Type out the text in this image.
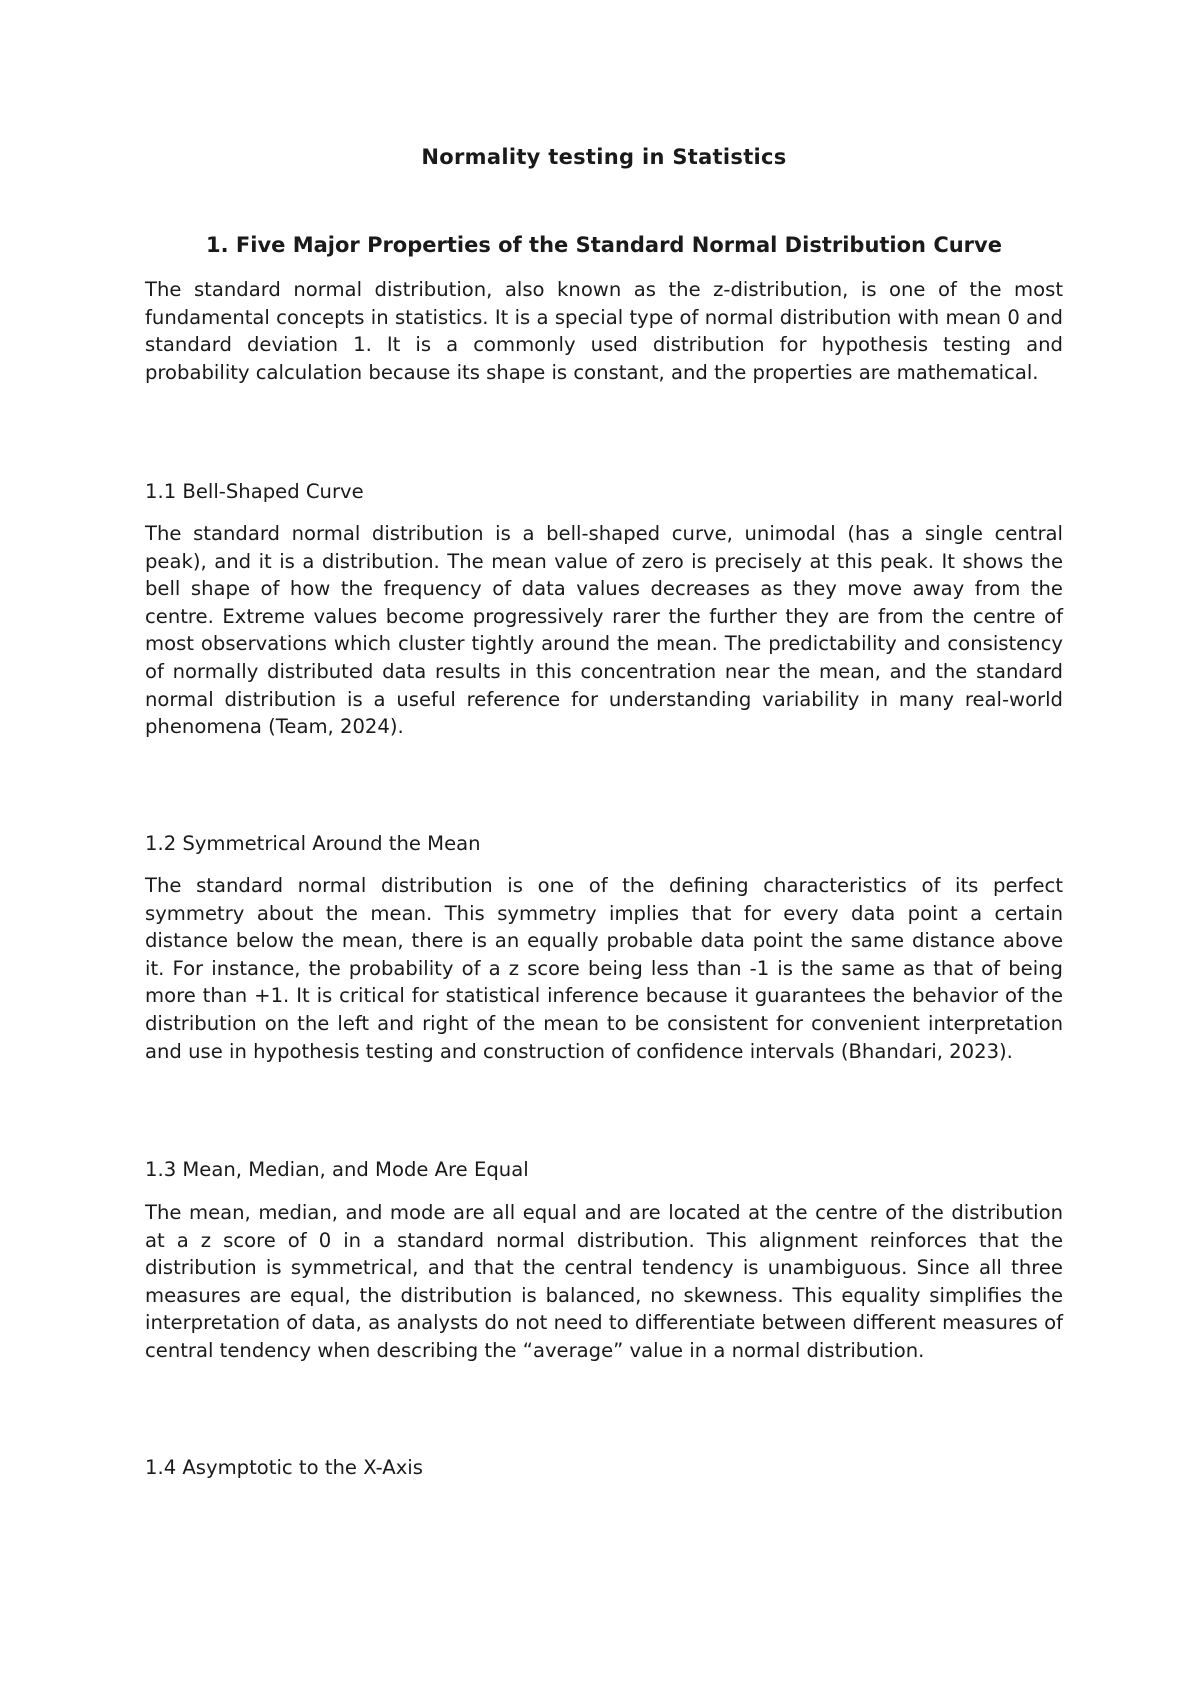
Normality testing in Statistics
1. Five Major Properties of the Standard Normal Distribution Curve

The standard normal distribution, also known as the z-distribution, is one of the most fundamental concepts in statistics. It is a special type of normal distribution with mean 0 and standard deviation 1. It is a commonly used distribution for hypothesis testing and probability calculation because its shape is constant, and the properties are mathematical.

1.1 Bell-Shaped Curve

The standard normal distribution is a bell-shaped curve, unimodal (has a single central peak), and it is a distribution. The mean value of zero is precisely at this peak. It shows the bell shape of how the frequency of data values decreases as they move away from the centre. Extreme values become progressively rarer the further they are from the centre of most observations which cluster tightly around the mean. The predictability and consistency of normally distributed data results in this concentration near the mean, and the standard normal distribution is a useful reference for understanding variability in many real-world phenomena (Team, 2024).

1.2 Symmetrical Around the Mean

The standard normal distribution is one of the defining characteristics of its perfect symmetry about the mean. This symmetry implies that for every data point a certain distance below the mean, there is an equally probable data point the same distance above it. For instance, the probability of a z score being less than -1 is the same as that of being more than +1. It is critical for statistical inference because it guarantees the behavior of the distribution on the left and right of the mean to be consistent for convenient interpretation and use in hypothesis testing and construction of confidence intervals (Bhandari, 2023).

1.3 Mean, Median, and Mode Are Equal

The mean, median, and mode are all equal and are located at the centre of the distribution at a z score of 0 in a standard normal distribution. This alignment reinforces that the distribution is symmetrical, and that the central tendency is unambiguous. Since all three measures are equal, the distribution is balanced, no skewness. This equality simplifies the interpretation of data, as analysts do not need to differentiate between different measures of central tendency when describing the “average” value in a normal distribution.

1.4 Asymptotic to the X-Axis
